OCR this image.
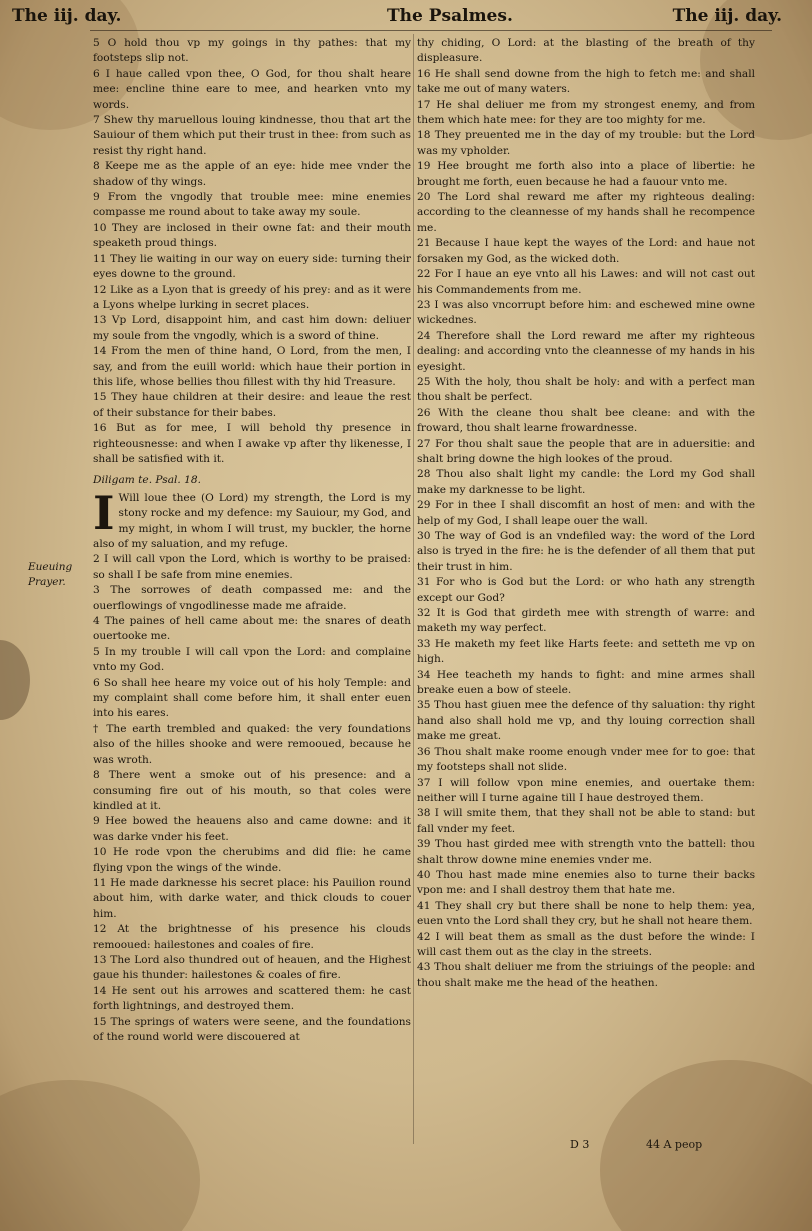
The iij. day.	The Psalmes.	The iij. day.
Eueuing Prayer.

5 O hold thou vp my goings in thy pathes: that my footsteps slip not.

6 I haue called vpon thee, O God, for thou shalt heare mee: encline thine eare to mee, and hearken vnto my words.

7 Shew thy maruellous louing kindnesse, thou that art the Sauiour of them which put their trust in thee: from such as resist thy right hand.

8 Keepe me as the apple of an eye: hide mee vnder the shadow of thy wings.

9 From the vngodly that trouble mee: mine enemies compasse me round about to take away my soule.

10 They are inclosed in their owne fat: and their mouth speaketh proud things.

11 They lie waiting in our way on euery side: turning their eyes downe to the ground.

12 Like as a Lyon that is greedy of his prey: and as it were a Lyons whelpe lurking in secret places.

13 Vp Lord, disappoint him, and cast him down: deliuer my soule from the vngodly, which is a sword of thine.

14 From the men of thine hand, O Lord, from the men, I say, and from the euill world: which haue their portion in this life, whose bellies thou fillest with thy hid Treasure.

15 They haue children at their desire: and leaue the rest of their substance for their babes.

16 But as for mee, I will behold thy presence in righteousnesse: and when I awake vp after thy likenesse, I shall be satisfied with it.

Diligam te. Psal. 18.

I Will loue thee (O Lord) my strength, the Lord is my stony rocke and my defence: my Sauiour, my God, and my might, in whom I will trust, my buckler, the horne also of my saluation, and my refuge.

2 I will call vpon the Lord, which is worthy to be praised: so shall I be safe from mine enemies.

3 The sorrowes of death compassed me: and the ouerflowings of vngodlinesse made me afraide.

4 The paines of hell came about me: the snares of death ouertooke me.

5 In my trouble I will call vpon the Lord: and complaine vnto my God.

6 So shall hee heare my voice out of his holy Temple: and my complaint shall come before him, it shall enter euen into his eares.

† The earth trembled and quaked: the very foundations also of the hilles shooke and were remooued, because he was wroth.

8 There went a smoke out of his presence: and a consuming fire out of his mouth, so that coles were kindled at it.

9 Hee bowed the heauens also and came downe: and it was darke vnder his feet.

10 He rode vpon the cherubims and did flie: he came flying vpon the wings of the winde.

11 He made darknesse his secret place: his Pauilion round about him, with darke water, and thick clouds to couer him.

12 At the brightnesse of his presence his clouds remooued: hailestones and coales of fire.

13 The Lord also thundred out of heauen, and the Highest gaue his thunder: hailestones & coales of fire.

14 He sent out his arrowes and scattered them: he cast forth lightnings, and destroyed them.

15 The springs of waters were seene, and the foundations of the round world were discouered at

thy chiding, O Lord: at the blasting of the breath of thy displeasure.

16 He shall send downe from the high to fetch me: and shall take me out of many waters.

17 He shal deliuer me from my strongest enemy, and from them which hate mee: for they are too mighty for me.

18 They preuented me in the day of my trouble: but the Lord was my vpholder.

19 Hee brought me forth also into a place of libertie: he brought me forth, euen because he had a fauour vnto me.

20 The Lord shal reward me after my righteous dealing: according to the cleannesse of my hands shall he recompence me.

21 Because I haue kept the wayes of the Lord: and haue not forsaken my God, as the wicked doth.

22 For I haue an eye vnto all his Lawes: and will not cast out his Commandements from me.

23 I was also vncorrupt before him: and eschewed mine owne wickednes.

24 Therefore shall the Lord reward me after my righteous dealing: and according vnto the cleannesse of my hands in his eyesight.

25 With the holy, thou shalt be holy: and with a perfect man thou shalt be perfect.

26 With the cleane thou shalt bee cleane: and with the froward, thou shalt learne frowardnesse.

27 For thou shalt saue the people that are in aduersitie: and shalt bring downe the high lookes of the proud.

28 Thou also shalt light my candle: the Lord my God shall make my darknesse to be light.

29 For in thee I shall discomfit an host of men: and with the help of my God, I shall leape ouer the wall.

30 The way of God is an vndefiled way: the word of the Lord also is tryed in the fire: he is the defender of all them that put their trust in him.

31 For who is God but the Lord: or who hath any strength except our God?

32 It is God that girdeth mee with strength of warre: and maketh my way perfect.

33 He maketh my feet like Harts feete: and setteth me vp on high.

34 Hee teacheth my hands to fight: and mine armes shall breake euen a bow of steele.

35 Thou hast giuen mee the defence of thy saluation: thy right hand also shall hold me vp, and thy louing correction shall make me great.

36 Thou shalt make roome enough vnder mee for to goe: that my footsteps shall not slide.

37 I will follow vpon mine enemies, and ouertake them: neither will I turne againe till I haue destroyed them.

38 I will smite them, that they shall not be able to stand: but fall vnder my feet.

39 Thou hast girded mee with strength vnto the battell: thou shalt throw downe mine enemies vnder me.

40 Thou hast made mine enemies also to turne their backs vpon me: and I shall destroy them that hate me.

41 They shall cry but there shall be none to help them: yea, euen vnto the Lord shall they cry, but he shall not heare them.

42 I will beat them as small as the dust before the winde: I will cast them out as the clay in the streets.

43 Thou shalt deliuer me from the striuings of the people: and thou shalt make me the head of the heathen.

D 3	44 A peop
